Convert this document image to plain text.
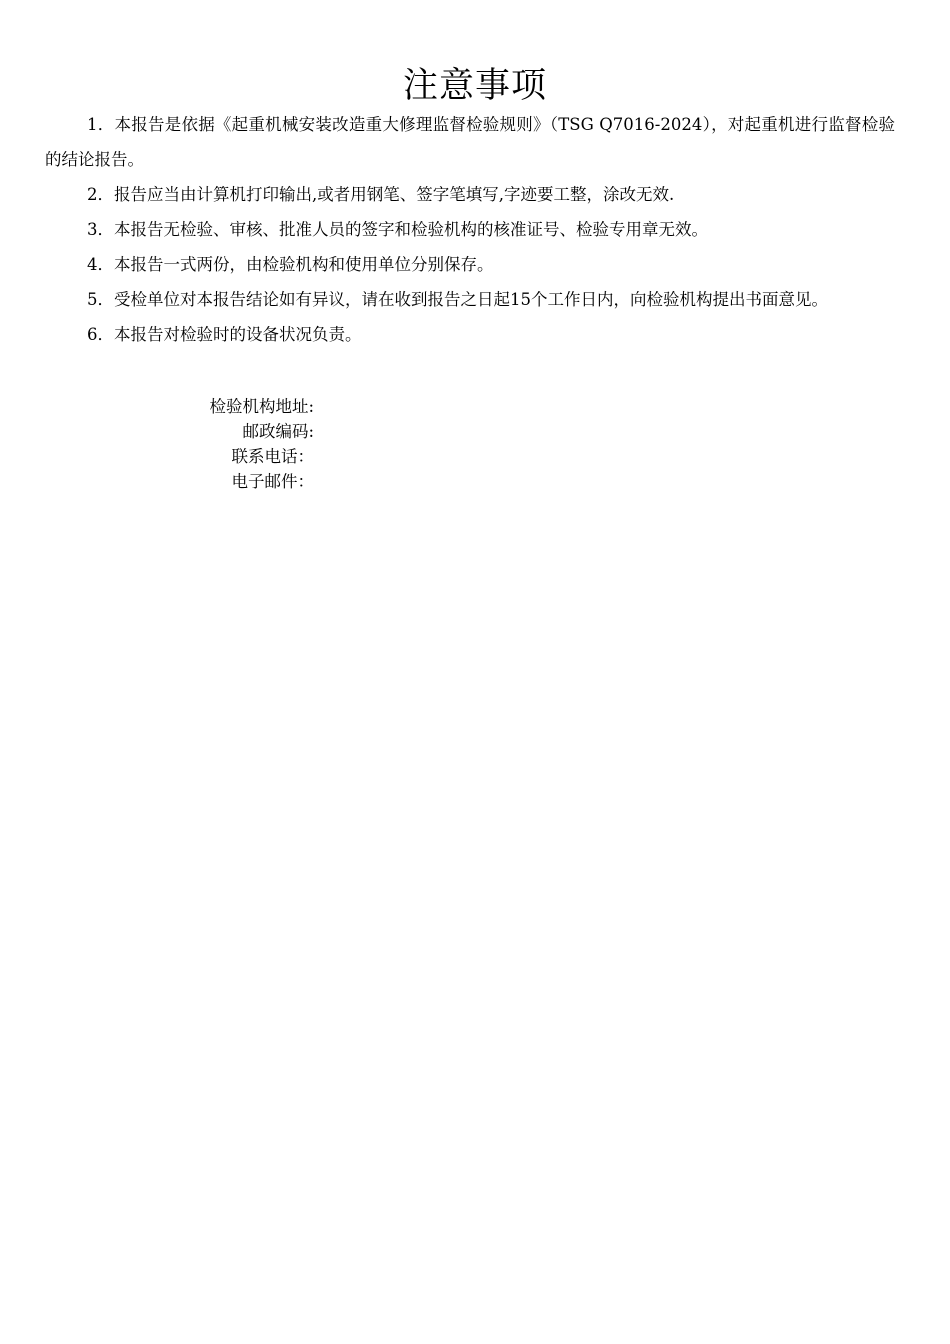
注意事项

1．本报告是依据《起重机械安装改造重大修理监督检验规则》（TSG Q7016-2024），对起重机进行监督检验的结论报告。

2．报告应当由计算机打印输出,或者用钢笔、签字笔填写,字迹要工整，涂改无效.

3．本报告无检验、审核、批准人员的签字和检验机构的核准证号、检验专用章无效。

4．本报告一式两份，由检验机构和使用单位分别保存。

5．受检单位对本报告结论如有异议，请在收到报告之日起15个工作日内，向检验机构提出书面意见。

6．本报告对检验时的设备状况负责。

检验机构地址:
邮政编码:
联系电话：
电子邮件：
